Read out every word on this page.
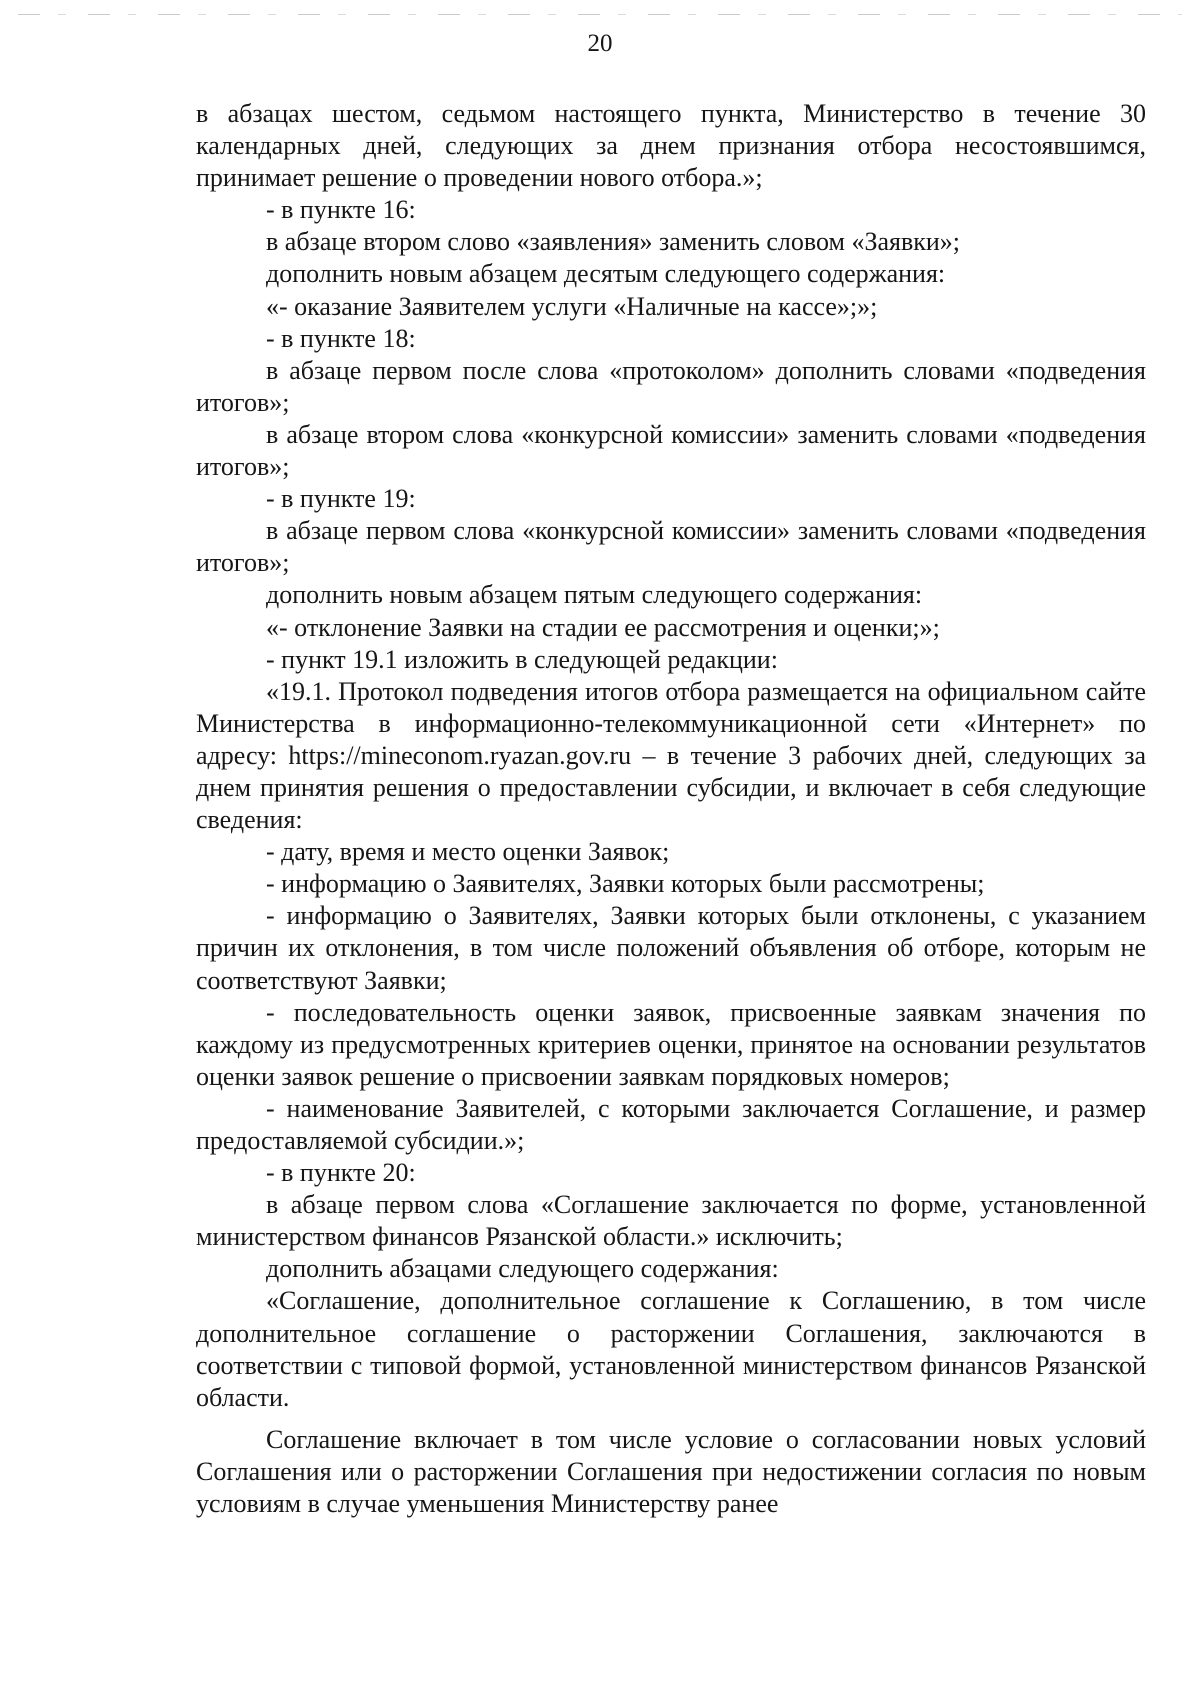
20

в абзацах шестом, седьмом настоящего пункта, Министерство в течение 30 календарных дней, следующих за днем признания отбора несостоявшимся, принимает решение о проведении нового отбора.»;

- в пункте 16:

в абзаце втором слово «заявления» заменить словом «Заявки»;

дополнить новым абзацем десятым следующего содержания:

«- оказание Заявителем услуги «Наличные на кассе»;»;

- в пункте 18:

в абзаце первом после слова «протоколом» дополнить словами «подведения итогов»;

в абзаце втором слова «конкурсной комиссии» заменить словами «подведения итогов»;

- в пункте 19:

в абзаце первом слова «конкурсной комиссии» заменить словами «подведения итогов»;

дополнить новым абзацем пятым следующего содержания:

«- отклонение Заявки на стадии ее рассмотрения и оценки;»;

- пункт 19.1 изложить в следующей редакции:

«19.1. Протокол подведения итогов отбора размещается на официальном сайте Министерства в информационно-телекоммуникационной сети «Интернет» по адресу: https://mineconom.ryazan.gov.ru – в течение 3 рабочих дней, следующих за днем принятия решения о предоставлении субсидии, и включает в себя следующие сведения:

- дату, время и место оценки Заявок;

- информацию о Заявителях, Заявки которых были рассмотрены;

- информацию о Заявителях, Заявки которых были отклонены, с указанием причин их отклонения, в том числе положений объявления об отборе, которым не соответствуют Заявки;

- последовательность оценки заявок, присвоенные заявкам значения по каждому из предусмотренных критериев оценки, принятое на основании результатов оценки заявок решение о присвоении заявкам порядковых номеров;

- наименование Заявителей, с которыми заключается Соглашение, и размер предоставляемой субсидии.»;

- в пункте 20:

в абзаце первом слова «Соглашение заключается по форме, установленной министерством финансов Рязанской области.» исключить;

дополнить абзацами следующего содержания:

«Соглашение, дополнительное соглашение к Соглашению, в том числе дополнительное соглашение о расторжении Соглашения, заключаются в соответствии с типовой формой, установленной министерством финансов Рязанской области.

Соглашение включает в том числе условие о согласовании новых условий Соглашения или о расторжении Соглашения при недостижении согласия по новым условиям в случае уменьшения Министерству ранее
